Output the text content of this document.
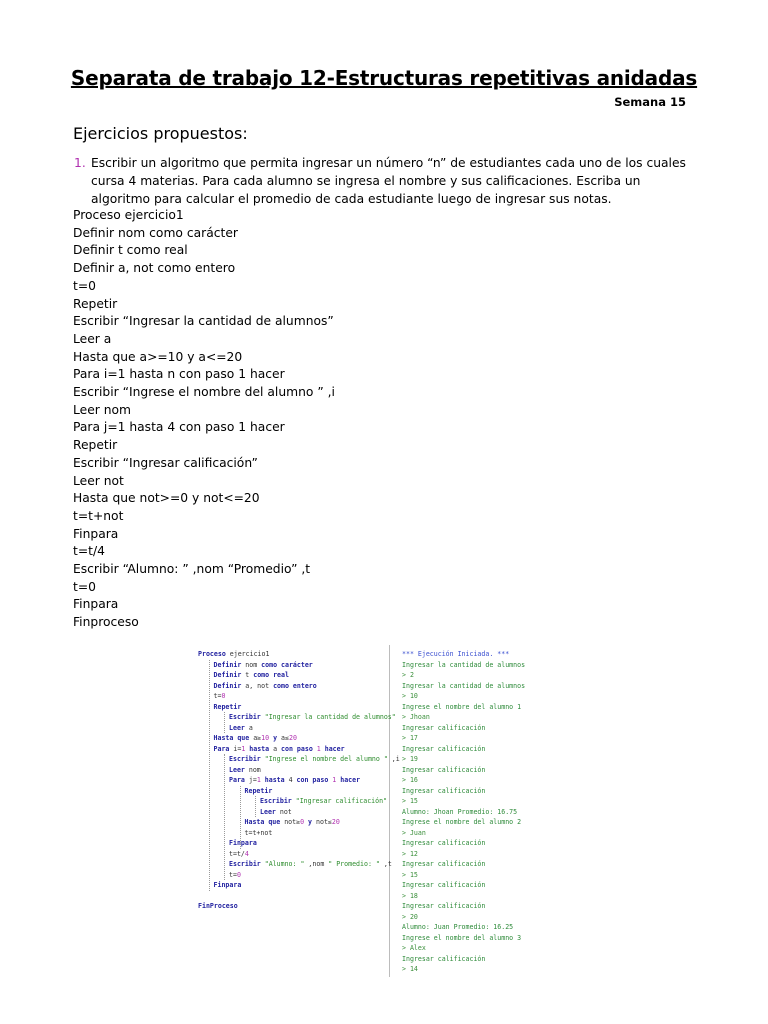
Separata de trabajo 12-Estructuras repetitivas anidadas
Semana 15
Ejercicios propuestos:
1. Escribir un algoritmo que permita ingresar un número “n” de estudiantes cada uno de los cuales cursa 4 materias. Para cada alumno se ingresa el nombre y sus calificaciones. Escriba un algoritmo para calcular el promedio de cada estudiante luego de ingresar sus notas.
Proceso ejercicio1
Definir nom como carácter
Definir t como real
Definir a, not como entero
t=0
Repetir
Escribir “Ingresar la cantidad de alumnos”
Leer a
Hasta que a>=10 y a<=20
Para i=1 hasta n con paso 1 hacer
Escribir “Ingrese el nombre del alumno ” ,i
Leer nom
Para j=1 hasta 4 con paso 1 hacer
Repetir
Escribir “Ingresar calificación”
Leer not
Hasta que not>=0 y not<=20
t=t+not
Finpara
t=t/4
Escribir “Alumno: ” ,nom “Promedio” ,t
t=0
Finpara
Finproceso
Proceso ejercicio1
Definir nom como carácter
Definir t como real
Definir a, not como entero
t=0
Repetir
Escribir "Ingresar la cantidad de alumnos"
Leer a
Hasta que a≥10 y a≤20
Para i=1 hasta a con paso 1 hacer
Escribir "Ingrese el nombre del alumno " ,i
Leer nom
Para j=1 hasta 4 con paso 1 hacer
Repetir
Escribir "Ingresar calificación"
Leer not
Hasta que not≥0 y not≤20
t=t+not
Finpara
t=t/4
Escribir "Alumno: " ,nom " Promedio: " ,t
t=0
Finpara
FinProceso
*** Ejecución Iniciada. ***
Ingresar la cantidad de alumnos
> 2
Ingresar la cantidad de alumnos
> 10
Ingrese el nombre del alumno 1
> Jhoan
Ingresar calificación
> 17
Ingresar calificación
> 19
Ingresar calificación
> 16
Ingresar calificación
> 15
Alumno: Jhoan Promedio: 16.75
Ingrese el nombre del alumno 2
> Juan
Ingresar calificación
> 12
Ingresar calificación
> 15
Ingresar calificación
> 18
Ingresar calificación
> 20
Alumno: Juan Promedio: 16.25
Ingrese el nombre del alumno 3
> Alex
Ingresar calificación
> 14
